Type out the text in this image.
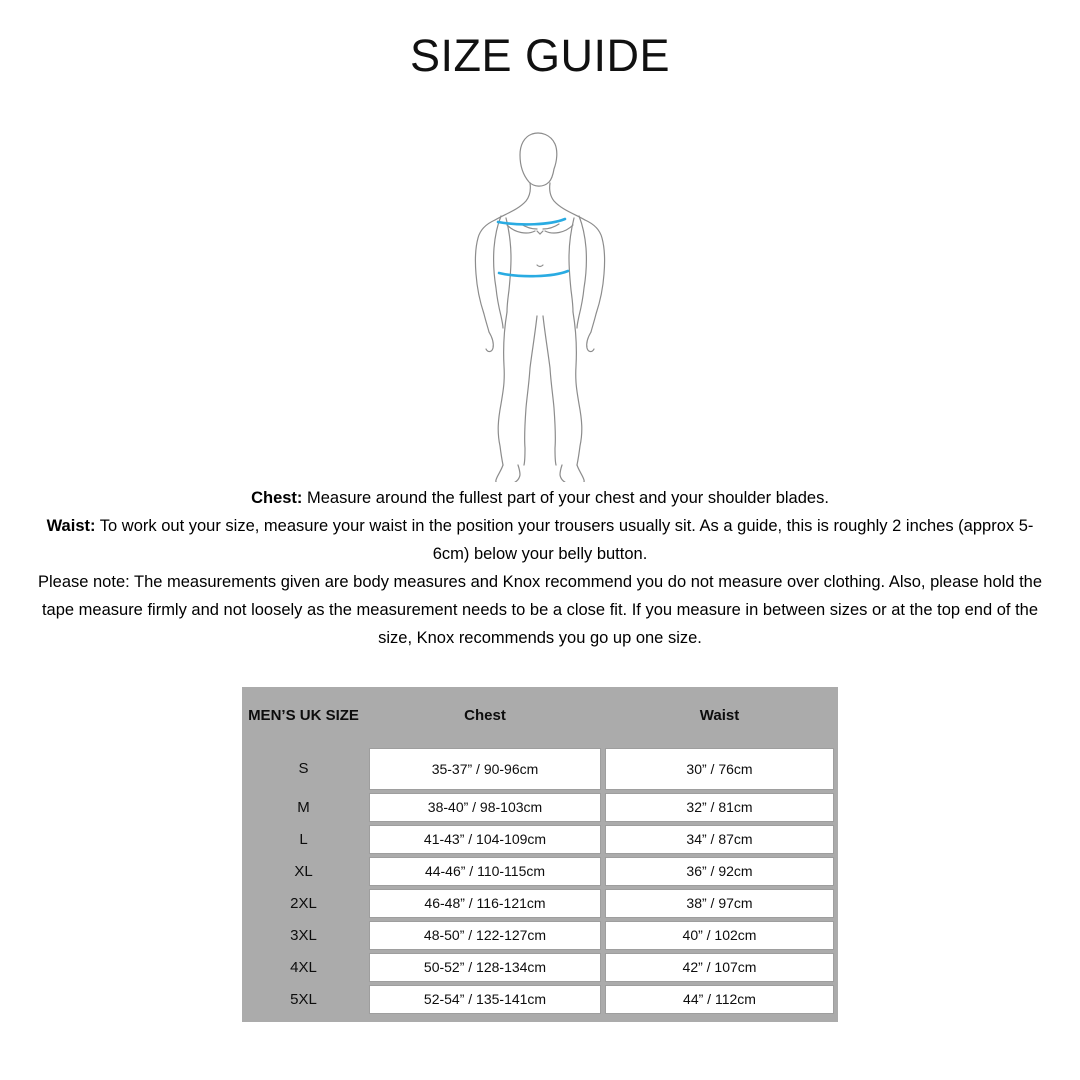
SIZE GUIDE

Chest: Measure around the fullest part of your chest and your shoulder blades.

Waist: To work out your size, measure your waist in the position your trousers usually sit. As a guide, this is roughly 2 inches (approx 5-6cm) below your belly button.

Please note: The measurements given are body measures and Knox recommend you do not measure over clothing. Also, please hold the tape measure firmly and not loosely as the measurement needs to be a close fit. If you measure in between sizes or at the top end of the size, Knox recommends you go up one size.

MEN’S UK SIZE	Chest	Waist
S	35-37” / 90-96cm	30” / 76cm
M	38-40” / 98-103cm	32” / 81cm
L	41-43” / 104-109cm	34” / 87cm
XL	44-46” / 110-115cm	36” / 92cm
2XL	46-48” / 116-121cm	38” / 97cm
3XL	48-50” / 122-127cm	40” / 102cm
4XL	50-52” / 128-134cm	42” / 107cm
5XL	52-54” / 135-141cm	44” / 112cm
